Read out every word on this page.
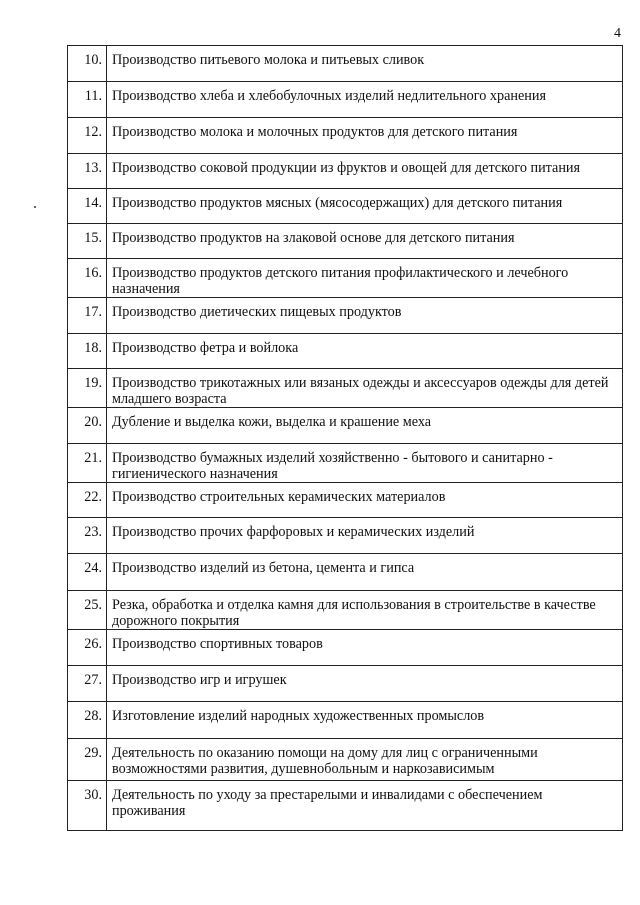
4
10.	Производство питьевого молока и питьевых сливок
11.	Производство хлеба и хлебобулочных изделий недлительного хранения
12.	Производство молока и молочных продуктов для детского питания
13.	Производство соковой продукции из фруктов и овощей для детского питания
14.	Производство продуктов мясных (мясосодержащих) для детского питания
15.	Производство продуктов на злаковой основе для детского питания
16.	Производство продуктов детского питания профилактического и лечебного назначения
17.	Производство диетических пищевых продуктов
18.	Производство фетра и войлока
19.	Производство трикотажных или вязаных одежды и аксессуаров одежды для детей младшего возраста
20.	Дубление и выделка кожи, выделка и крашение меха
21.	Производство бумажных изделий хозяйственно - бытового и санитарно - гигиенического назначения
22.	Производство строительных керамических материалов
23.	Производство прочих фарфоровых и керамических изделий
24.	Производство изделий из бетона, цемента и гипса
25.	Резка, обработка и отделка камня для использования в строительстве в качестве дорожного покрытия
26.	Производство спортивных товаров
27.	Производство игр и игрушек
28.	Изготовление изделий народных художественных промыслов
29.	Деятельность по оказанию помощи на дому для лиц с ограниченными возможностями развития, душевнобольным и наркозависимым
30.	Деятельность по уходу за престарелыми и инвалидами с обеспечением проживания
